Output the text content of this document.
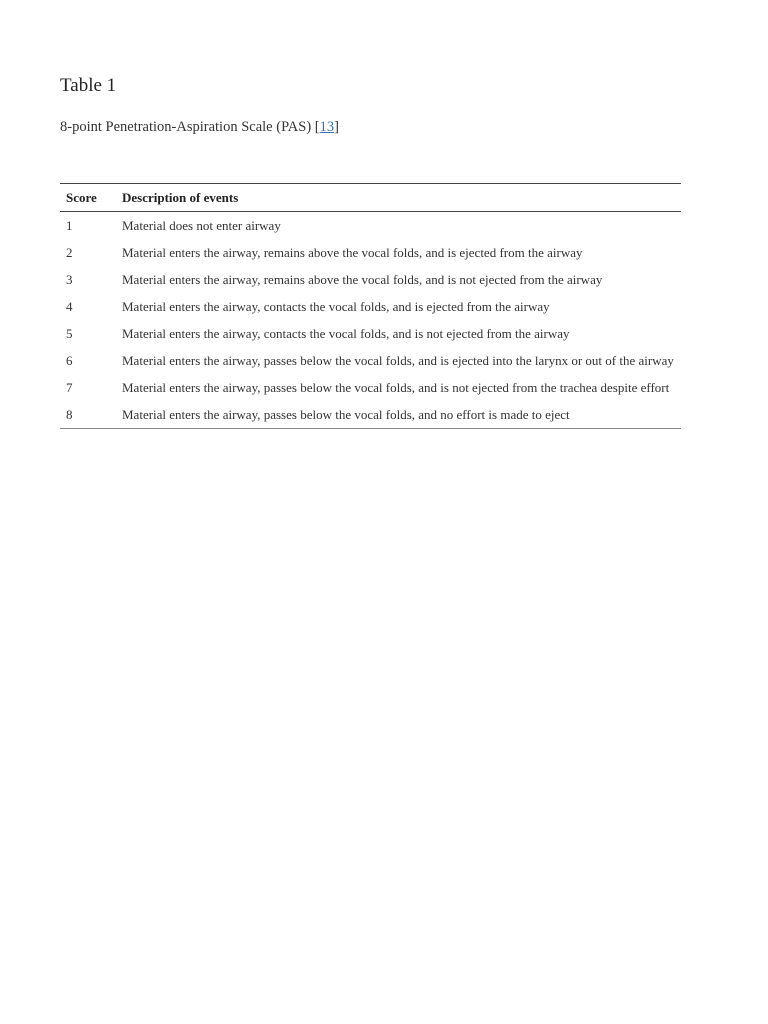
Table 1
8-point Penetration-Aspiration Scale (PAS) [13]
Score	Description of events
1	Material does not enter airway
2	Material enters the airway, remains above the vocal folds, and is ejected from the airway
3	Material enters the airway, remains above the vocal folds, and is not ejected from the airway
4	Material enters the airway, contacts the vocal folds, and is ejected from the airway
5	Material enters the airway, contacts the vocal folds, and is not ejected from the airway
6	Material enters the airway, passes below the vocal folds, and is ejected into the larynx or out of the airway
7	Material enters the airway, passes below the vocal folds, and is not ejected from the trachea despite effort
8	Material enters the airway, passes below the vocal folds, and no effort is made to eject
